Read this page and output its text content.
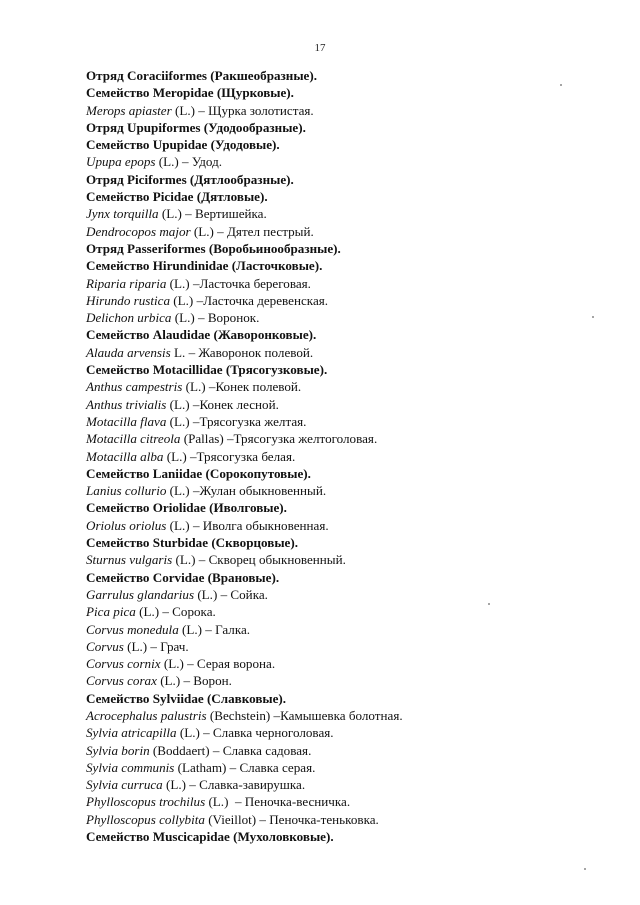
17
Отряд Coraciiformes (Ракшеобразные).
Семейство Meropidae (Щурковые).
Merops apiaster (L.) – Щурка золотистая.
Отряд Upupiformes (Удодообразные).
Семейство Upupidae (Удодовые).
Upupa epops (L.) – Удод.
Отряд Piciformes (Дятлообразные).
Семейство Picidae (Дятловые).
Jynx torquilla (L.) – Вертишейка.
Dendrocopos major (L.) – Дятел пестрый.
Отряд Passeriformes (Воробьинообразные).
Семейство Hirundinidae (Ласточковые).
Riparia riparia (L.) –Ласточка береговая.
Hirundo rustica (L.) –Ласточка деревенская.
Delichon urbica (L.) – Воронок.
Семейство Alaudidae (Жаворонковые).
Alauda arvensis L. – Жаворонок полевой.
Семейство Motacillidae (Трясогузковые).
Anthus campestris (L.) –Конек полевой.
Anthus trivialis (L.) –Конек лесной.
Motacilla flava (L.) –Трясогузка желтая.
Motacilla citreola (Pallas) –Трясогузка желтоголовая.
Motacilla alba (L.) –Трясогузка белая.
Семейство Laniidae (Сорокопутовые).
Lanius collurio (L.) –Жулан обыкновенный.
Семейство Oriolidae (Иволговые).
Oriolus oriolus (L.) – Иволга обыкновенная.
Семейство Sturbidae (Скворцовые).
Sturnus vulgaris (L.) – Скворец обыкновенный.
Семейство Corvidae (Врановые).
Garrulus glandarius (L.) – Сойка.
Pica pica (L.) – Сорока.
Corvus monedula (L.) – Галка.
Corvus (L.) – Грач.
Corvus cornix (L.) – Серая ворона.
Corvus corax (L.) – Ворон.
Семейство Sylviidae (Славковые).
Acrocephalus palustris (Bechstein) –Камышевка болотная.
Sylvia atricapilla (L.) – Славка черноголовая.
Sylvia borin (Boddaert) – Славка садовая.
Sylvia communis (Latham) – Славка серая.
Sylvia curruca (L.) – Славка-завирушка.
Phylloscopus trochilus (L.)  – Пеночка-весничка.
Phylloscopus collybita (Vieillot) – Пеночка-теньковка.
Семейство Muscicapidae (Мухоловковые).
